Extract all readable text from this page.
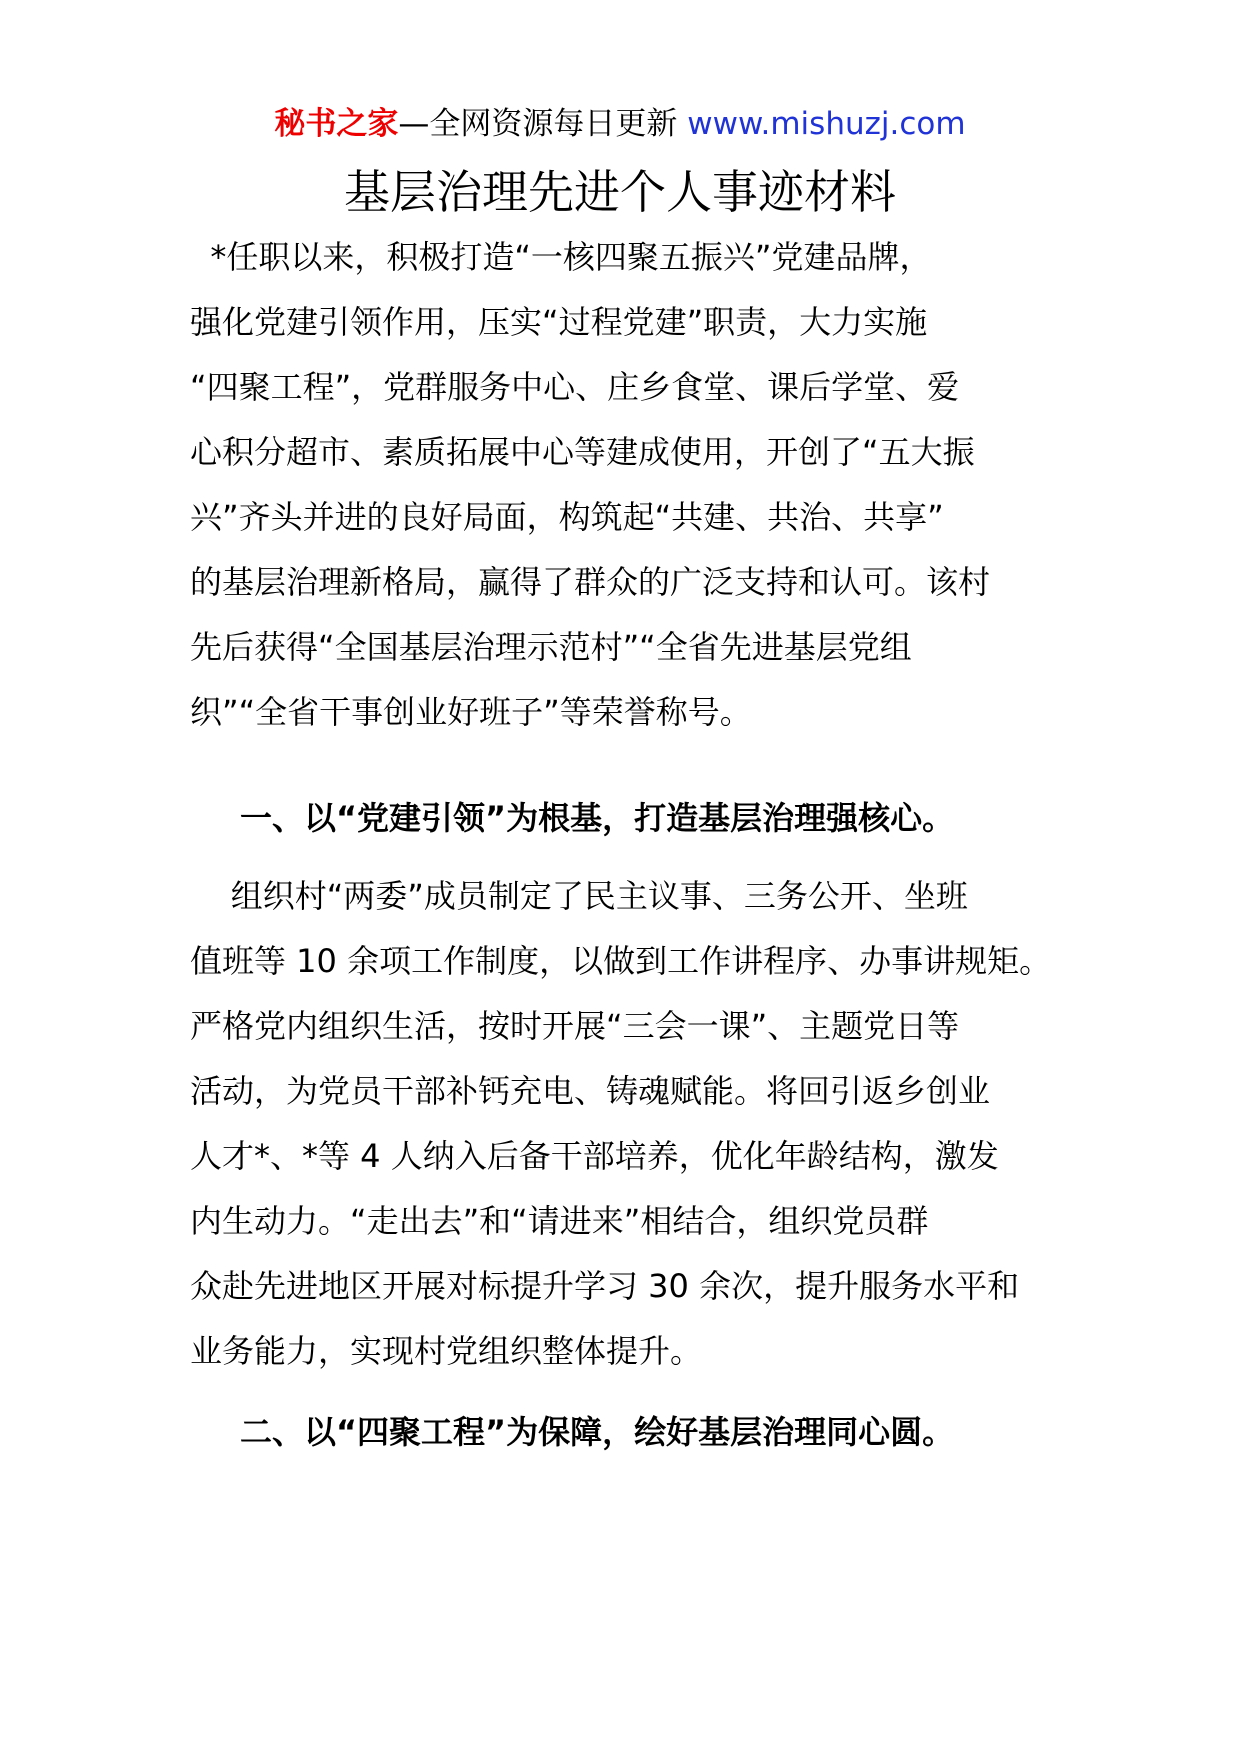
秘书之家—全网资源每日更新 www.mishuzj.com
基层治理先进个人事迹材料
*任职以来，积极打造“一核四聚五振兴”党建品牌，
强化党建引领作用，压实“过程党建”职责，大力实施
“四聚工程”，党群服务中心、庄乡食堂、课后学堂、爱
心积分超市、素质拓展中心等建成使用，开创了“五大振
兴”齐头并进的良好局面，构筑起“共建、共治、共享”
的基层治理新格局，赢得了群众的广泛支持和认可。该村
先后获得“全国基层治理示范村”“全省先进基层党组
织”“全省干事创业好班子”等荣誉称号。
一、以“党建引领”为根基，打造基层治理强核心。
组织村“两委”成员制定了民主议事、三务公开、坐班
值班等 10 余项工作制度，以做到工作讲程序、办事讲规矩。
严格党内组织生活，按时开展“三会一课”、主题党日等
活动，为党员干部补钙充电、铸魂赋能。将回引返乡创业
人才*、*等 4 人纳入后备干部培养，优化年龄结构，激发
内生动力。“走出去”和“请进来”相结合，组织党员群
众赴先进地区开展对标提升学习 30 余次，提升服务水平和
业务能力，实现村党组织整体提升。
二、以“四聚工程”为保障，绘好基层治理同心圆。
